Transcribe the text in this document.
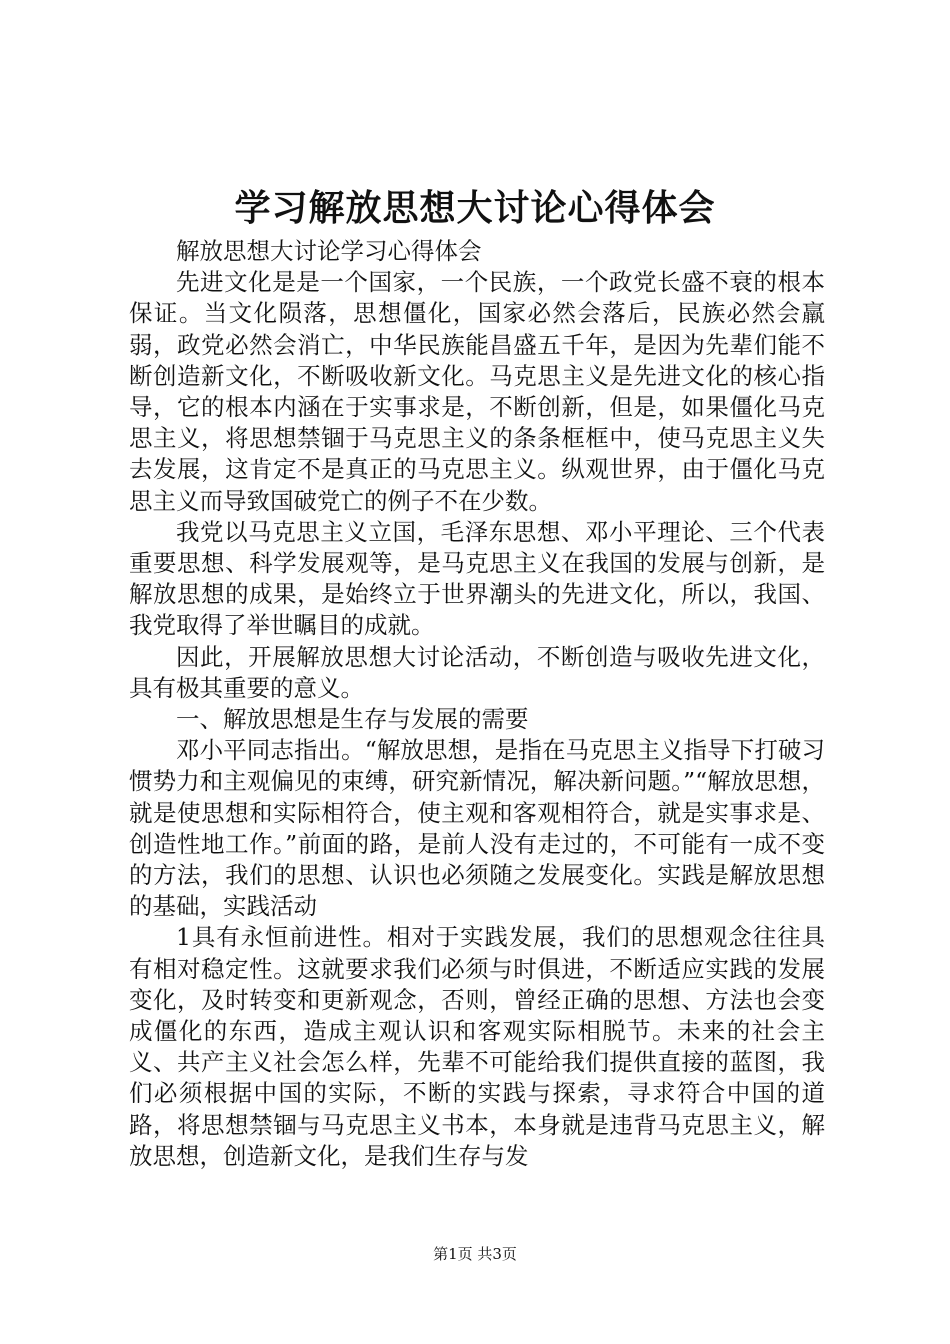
学习解放思想大讨论心得体会

解放思想大讨论学习心得体会

先进文化是是一个国家，一个民族，一个政党长盛不衰的根本保证。当文化陨落，思想僵化，国家必然会落后，民族必然会羸弱，政党必然会消亡，中华民族能昌盛五千年，是因为先辈们能不断创造新文化，不断吸收新文化。马克思主义是先进文化的核心指导，它的根本内涵在于实事求是，不断创新，但是，如果僵化马克思主义，将思想禁锢于马克思主义的条条框框中，使马克思主义失去发展，这肯定不是真正的马克思主义。纵观世界，由于僵化马克思主义而导致国破党亡的例子不在少数。

我党以马克思主义立国，毛泽东思想、邓小平理论、三个代表重要思想、科学发展观等，是马克思主义在我国的发展与创新，是解放思想的成果，是始终立于世界潮头的先进文化，所以，我国、我党取得了举世瞩目的成就。

因此，开展解放思想大讨论活动，不断创造与吸收先进文化，具有极其重要的意义。

一、解放思想是生存与发展的需要

邓小平同志指出。“解放思想，是指在马克思主义指导下打破习惯势力和主观偏见的束缚，研究新情况，解决新问题。”“解放思想，就是使思想和实际相符合，使主观和客观相符合，就是实事求是、创造性地工作。”前面的路，是前人没有走过的，不可能有一成不变的方法，我们的思想、认识也必须随之发展变化。实践是解放思想的基础，实践活动

1具有永恒前进性。相对于实践发展，我们的思想观念往往具有相对稳定性。这就要求我们必须与时俱进，不断适应实践的发展变化，及时转变和更新观念，否则，曾经正确的思想、方法也会变成僵化的东西，造成主观认识和客观实际相脱节。未来的社会主义、共产主义社会怎么样，先辈不可能给我们提供直接的蓝图，我们必须根据中国的实际，不断的实践与探索，寻求符合中国的道路，将思想禁锢与马克思主义书本，本身就是违背马克思主义，解放思想，创造新文化，是我们生存与发

第1页 共3页
